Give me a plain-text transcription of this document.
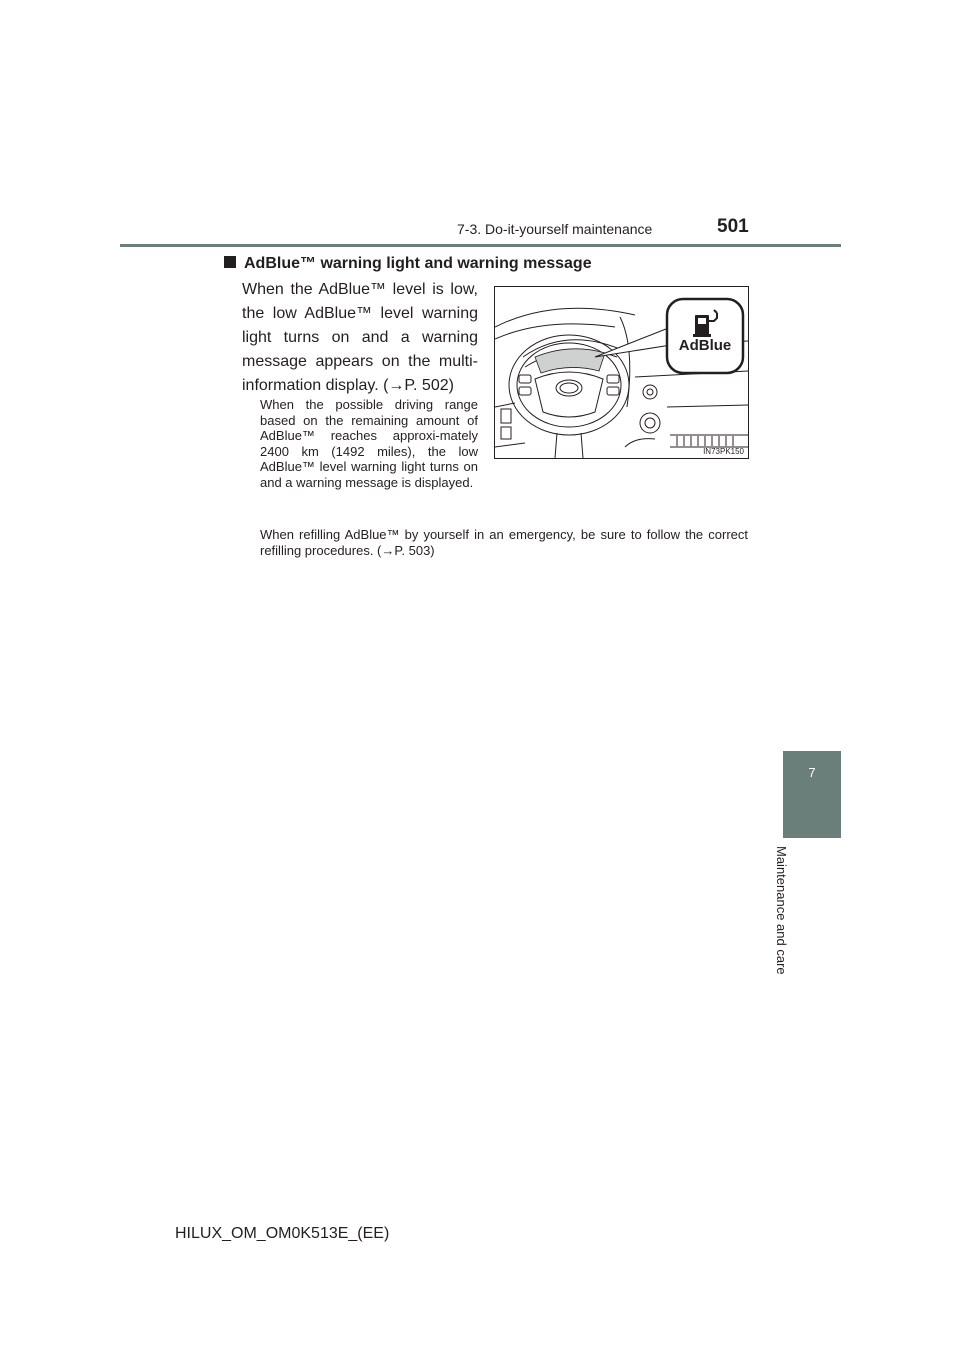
7-3. Do-it-yourself maintenance	501
7
Maintenance and care
AdBlue™ warning light and warning message
When the AdBlue™ level is low, the low AdBlue™ level warning light turns on and a warning message appears on the multi-information display. (→P. 502)
When the possible driving range based on the remaining amount of AdBlue™ reaches approxi-mately 2400 km (1492 miles), the low AdBlue™ level warning light turns on and a warning message is displayed.
When refilling AdBlue™ by yourself in an emergency, be sure to follow the correct refilling procedures. (→P. 503)
AdBlue
IN73PK150
HILUX_OM_OM0K513E_(EE)
